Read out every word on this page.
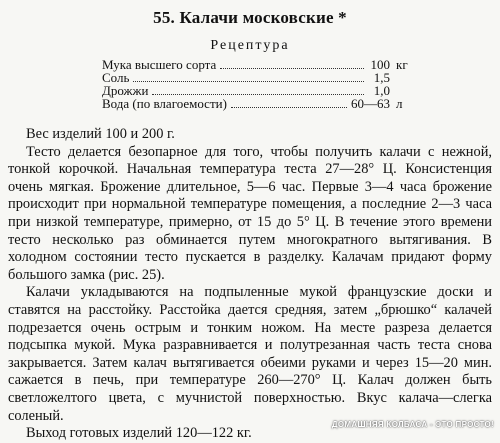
55. Калачи московские *
Рецептура
Мука высшего сорта	100 кг
Соль	1,5
Дрожжи	1,0
Вода (по влагоемости)	60—63 л

Вес изделий 100 и 200 г.

Тесто делается безопарное для того, чтобы получить калачи с нежной, тонкой корочкой. Начальная температура теста 27—28° Ц. Консистенция очень мягкая. Брожение длительное, 5—6 час. Первые 3—4 часа брожение происходит при нормальной температуре помещения, а последние 2—3 часа при низкой температуре, примерно, от 15 до 5° Ц. В течение этого времени тесто несколько раз обминается путем многократного вытягивания. В холодном состоянии тесто пускается в разделку. Калачам придают форму большого замка (рис. 25).

Калачи укладываются на подпыленные мукой французские доски и ставятся на расстойку. Расстойка дается средняя, затем „брюшко“ калачей подрезается очень острым и тонким ножом. На месте разреза делается подсыпка мукой. Мука разравнивается и полутрезанная часть теста снова закрывается. Затем калач вытягивается обеими руками и через 15—20 мин. сажается в печь, при температуре 260—270° Ц. Калач должен быть светложелтого цвета, с мучнистой поверхностью. Вкус калача—слегка соленый.

Выход готовых изделий 120—122 кг.

ДОМАШНЯЯ КОЛБАСА - ЭТО ПРОСТО!
